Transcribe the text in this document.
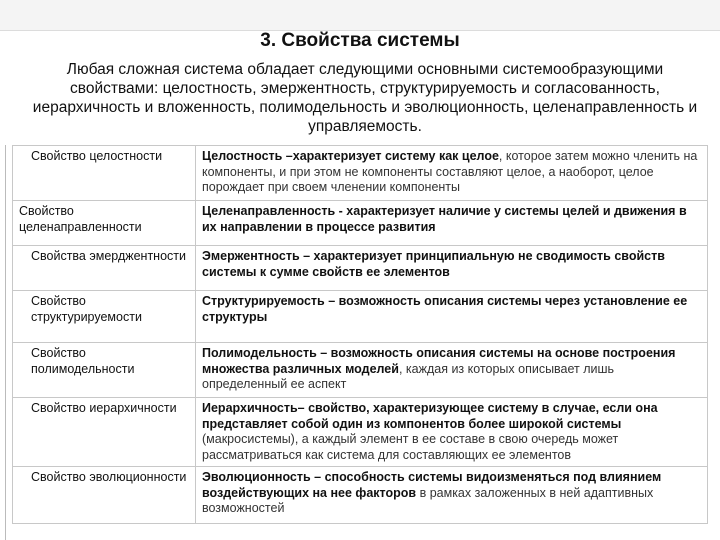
3. Свойства системы
Любая сложная система обладает следующими основными системообразующими свойствами: целостность, эмержентность, структурируемость и согласованность, иерархичность и вложенность, полимодельность и эволюционность, целенаправленность и управляемость.
Свойство целостности	Целостность –характеризует систему как целое, которое затем можно членить на компоненты, и при этом не компоненты составляют целое, а наоборот, целое порождает при своем членении компоненты
Свойство целенаправленности	Целенаправленность - характеризует наличие у системы целей и движения в их направлении в процессе развития
Свойства эмерджентности	Эмержентность – характеризует принципиальную не сводимость свойств системы к сумме свойств ее элементов
Свойство структурируемости	Структурируемость – возможность описания системы через установление ее структуры
Свойство полимодельности	Полимодельность – возможность описания системы на основе построения множества различных моделей, каждая из которых описывает лишь определенный ее аспект
Свойство иерархичности	Иерархичность– свойство, характеризующее систему в случае, если она представляет собой один из компонентов более широкой системы (макросистемы), а каждый элемент в ее составе в свою очередь может рассматриваться как система для составляющих ее элементов
Свойство эволюционности	Эволюционность – способность системы видоизменяться под влиянием воздействующих на нее факторов в рамках заложенных в ней адаптивных возможностей
